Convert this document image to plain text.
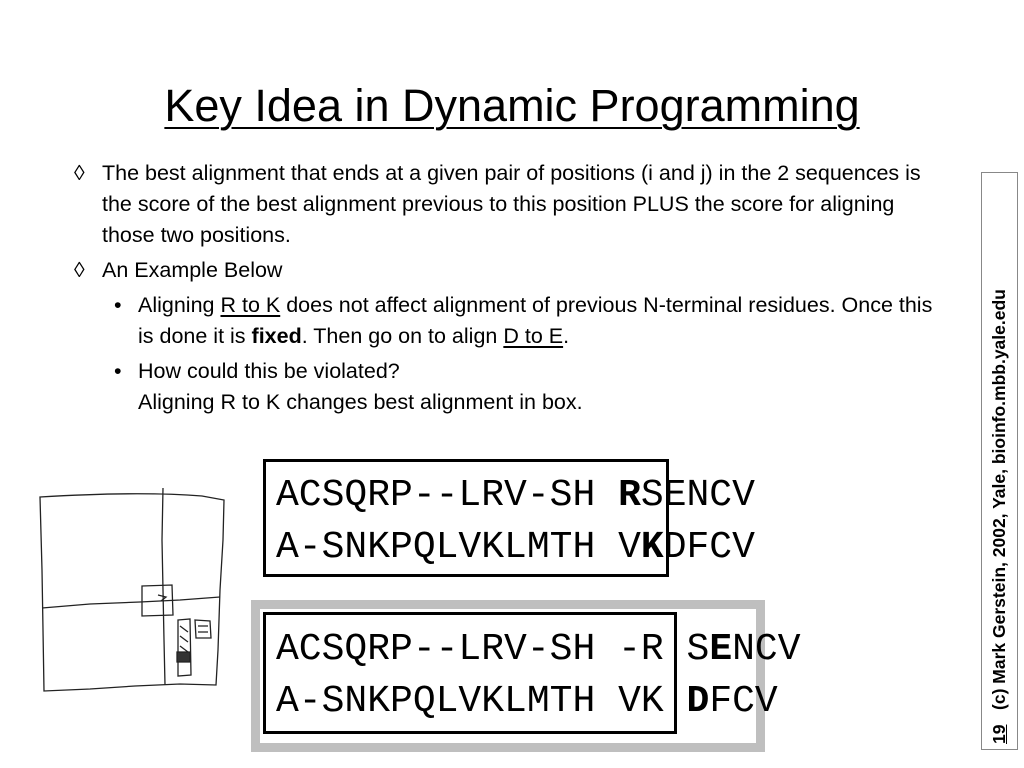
Key Idea in Dynamic Programming
◊ The best alignment that ends at a given pair of positions (i and j) in the 2 sequences is the score of the best alignment previous to this position PLUS the score for aligning those two positions.
◊ An Example Below
• Aligning R to K does not affect alignment of previous N-terminal residues. Once this is done it is fixed. Then go on to align D to E.
• How could this be violated?
Aligning R to K changes best alignment in box.
ACSQRP--LRV-SH RSENCV
A-SNKPQLVKLMTH VKDFCV
ACSQRP--LRV-SH -R SENCV
A-SNKPQLVKLMTH VK DFCV
19   (c) Mark Gerstein, 2002, Yale, bioinfo.mbb.yale.edu
